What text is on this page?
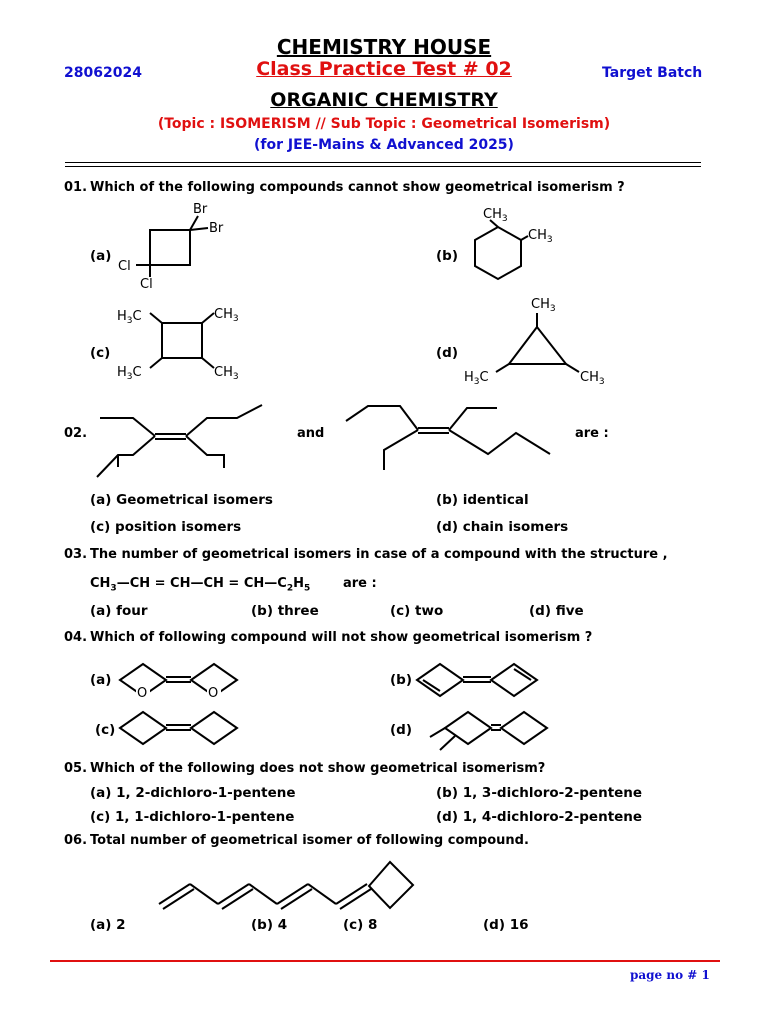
CHEMISTRY HOUSE
28062024	Class Practice Test # 02	Target Batch
ORGANIC CHEMISTRY
(Topic : ISOMERISM // Sub Topic : Geometrical Isomerism)
(for JEE-Mains & Advanced 2025)
01. Which of the following compounds cannot show geometrical isomerism ?
(a)	(b)
(c)	(d)
Br
Br
Cl
Cl
$CH_3$
$CH_3$
$H_3C$	$CH_3$
$H_3C$	$CH_3$
$CH_3$
$H_3C$	$CH_3$
02.	and	are :
(a) Geometrical isomers	(b) identical
(c) position isomers	(d) chain isomers
03. The number of geometrical isomers in case of a compound with the structure ,
$CH_3—CH$ = CH—CH = $CH—C_2H_5$	are :
(a) four	(b) three	(c) two	(d) five
04. Which of following compound will not show geometrical isomerism ?
(a)	(b)
(c)	(d)
O	O
05. Which of the following does not show geometrical isomerism?
(a) 1, 2-dichloro-1-pentene	(b) 1, 3-dichloro-2-pentene
(c) 1, 1-dichloro-1-pentene	(d) 1, 4-dichloro-2-pentene
06. Total number of geometrical isomer of following compound.
(a) 2	(b) 4	(c) 8	(d) 16
page no # 1
